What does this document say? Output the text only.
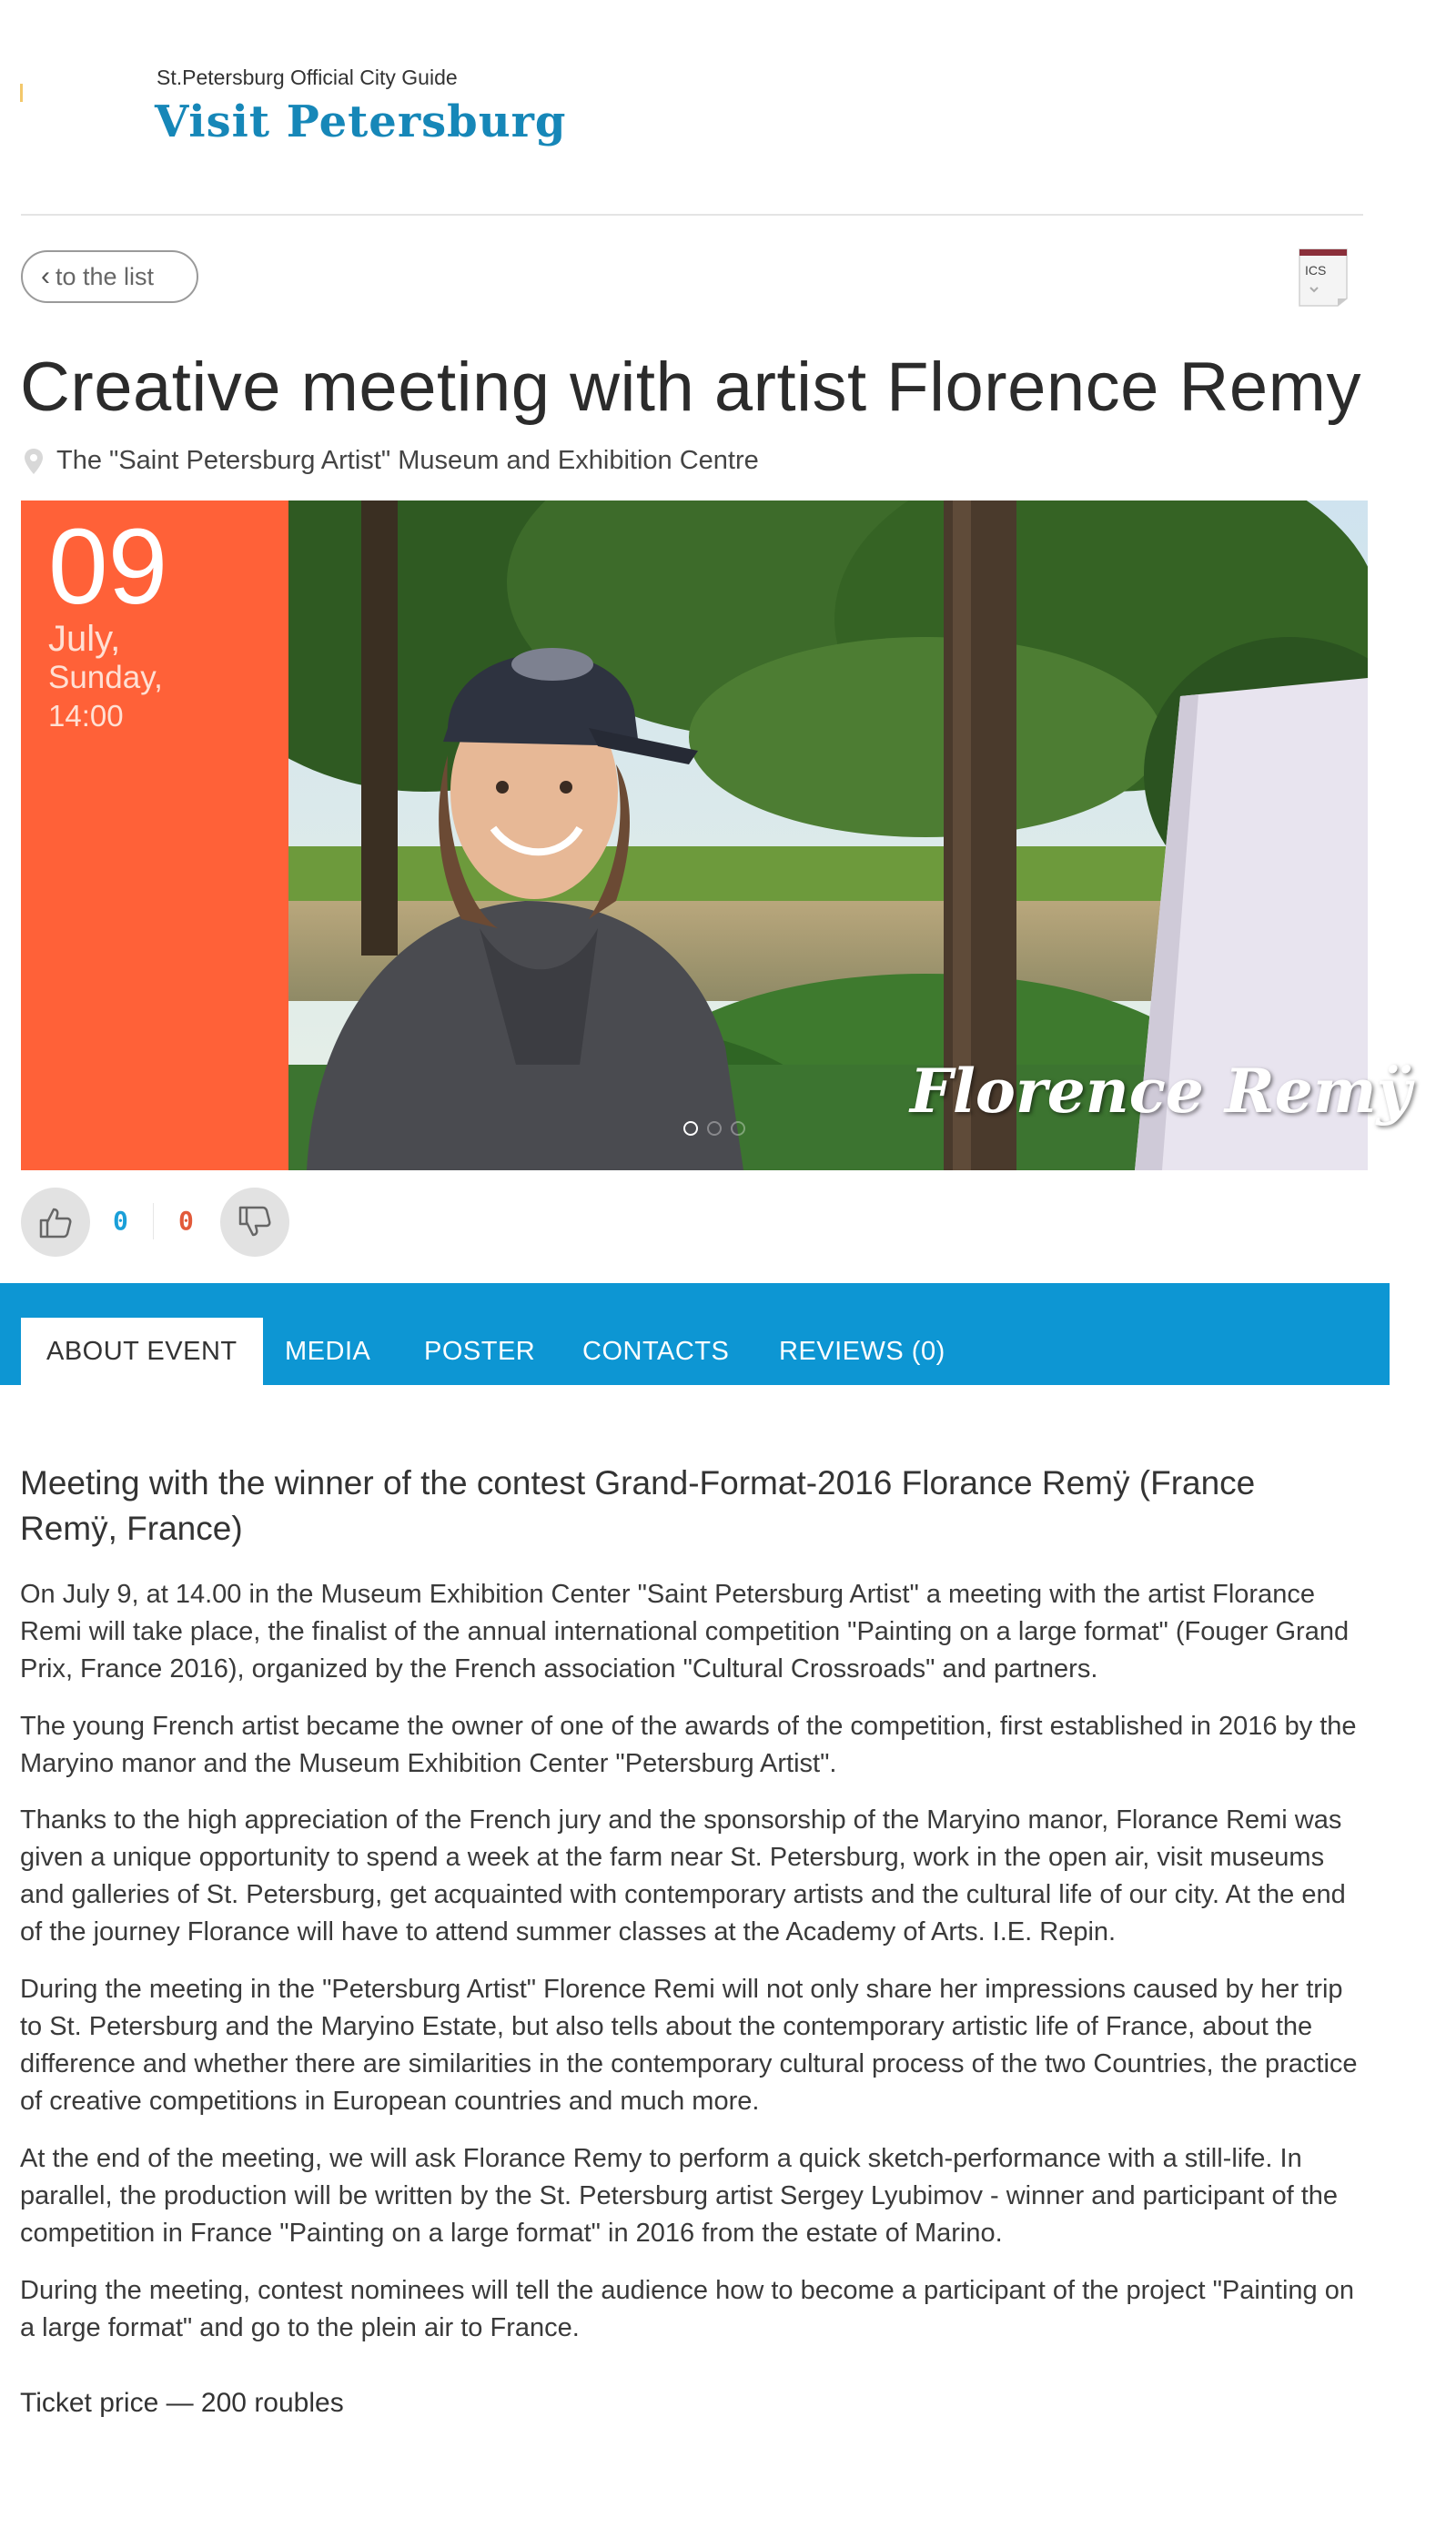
St.Petersburg Official City Guide
Visit Petersburg
‹ to the list	ICS
Creative meeting with artist Florence Remy
The "Saint Petersburg Artist" Museum and Exhibition Centre
09
July,
Sunday,
14:00
Florence Remÿ
0 0
ABOUT EVENT	MEDIA POSTER CONTACTS REVIEWS (0)
Meeting with the winner of the contest Grand-Format-2016 Florance Remÿ (France Remÿ, France)

On July 9, at 14.00 in the Museum Exhibition Center "Saint Petersburg Artist" a meeting with the artist Florance Remi will take place, the finalist of the annual international competition "Painting on a large format" (Fouger Grand Prix, France 2016), organized by the French association "Cultural Crossroads" and partners.

The young French artist became the owner of one of the awards of the competition, first established in 2016 by the Maryino manor and the Museum Exhibition Center "Petersburg Artist".

Thanks to the high appreciation of the French jury and the sponsorship of the Maryino manor, Florance Remi was given a unique opportunity to spend a week at the farm near St. Petersburg, work in the open air, visit museums and galleries of St. Petersburg, get acquainted with contemporary artists and the cultural life of our city. At the end of the journey Florance will have to attend summer classes at the Academy of Arts. I.E. Repin.

During the meeting in the "Petersburg Artist" Florence Remi will not only share her impressions caused by her trip to St. Petersburg and the Maryino Estate, but also tells about the contemporary artistic life of France, about the difference and whether there are similarities in the contemporary cultural process of the two Countries, the practice of creative competitions in European countries and much more.

At the end of the meeting, we will ask Florance Remy to perform a quick sketch-performance with a still-life. In parallel, the production will be written by the St. Petersburg artist Sergey Lyubimov - winner and participant of the competition in France "Painting on a large format" in 2016 from the estate of Marino.

During the meeting, contest nominees will tell the audience how to become a participant of the project "Painting on a large format" and go to the plein air to France.

Ticket price — 200 roubles
